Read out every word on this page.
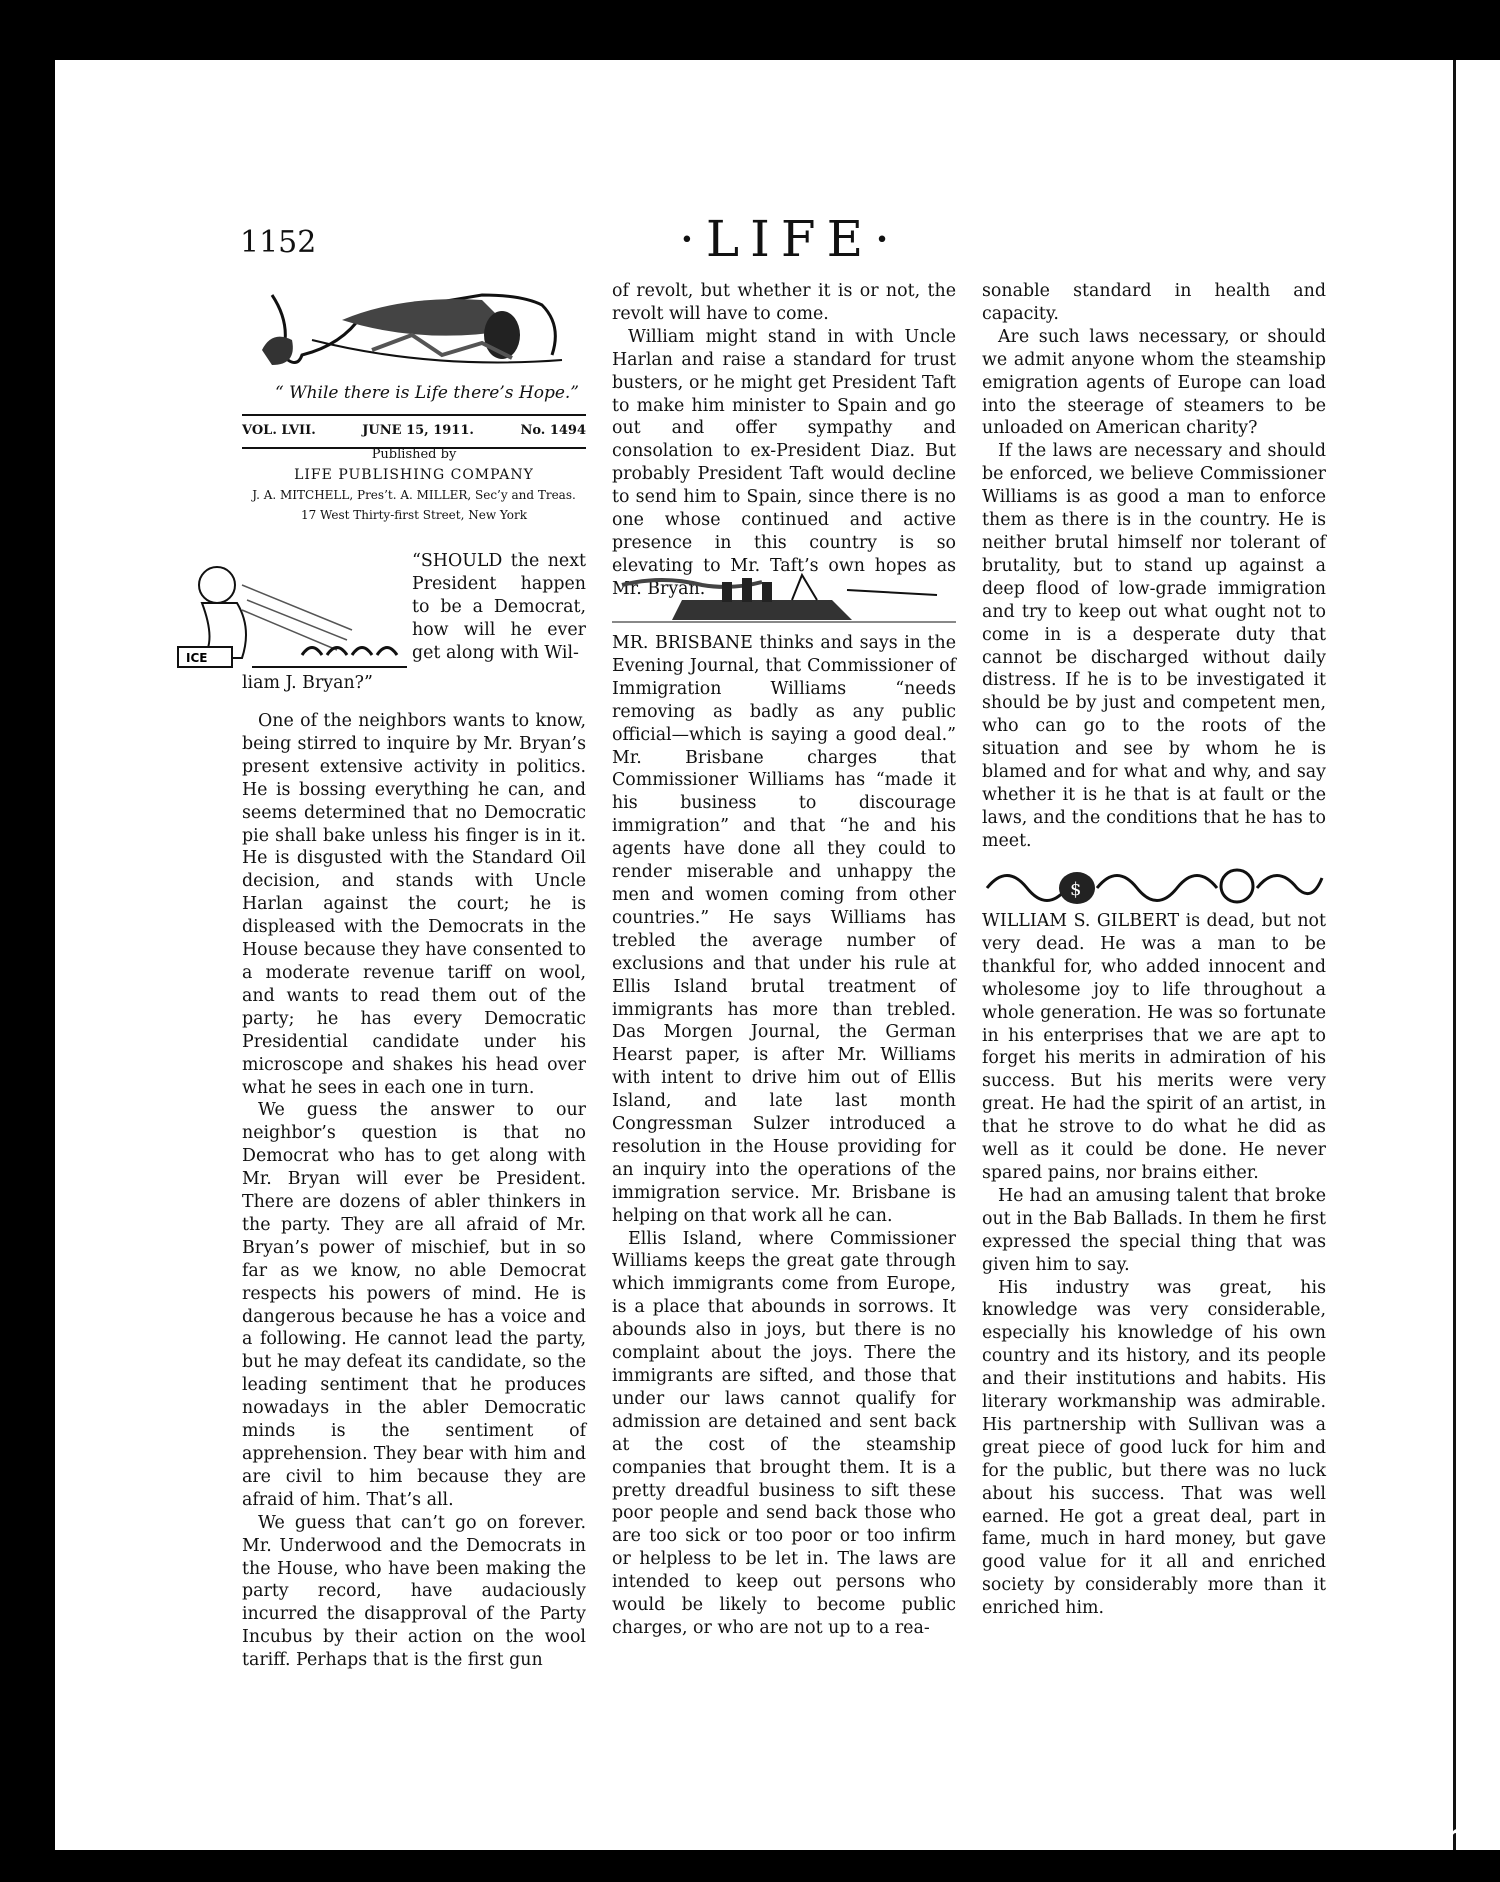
1152	·LIFE·
“ While there is Life there’s Hope.”
VOL. LVII.	JUNE 15, 1911.	No. 1494
Published by
LIFE PUBLISHING COMPANY
J. A. MITCHELL, Pres’t. A. MILLER, Sec’y and Treas.
17 West Thirty-first Street, New York
ICE

“SHOULD the next President happen to be a Democrat, how will he ever get along with Wil-

liam J. Bryan?”

One of the neighbors wants to know, being stirred to inquire by Mr. Bryan’s present extensive activity in politics. He is bossing everything he can, and seems determined that no Democratic pie shall bake unless his finger is in it. He is disgusted with the Standard Oil decision, and stands with Uncle Harlan against the court; he is displeased with the Democrats in the House because they have consented to a moderate revenue tariff on wool, and wants to read them out of the party; he has every Democratic Presidential candidate under his microscope and shakes his head over what he sees in each one in turn.

We guess the answer to our neighbor’s question is that no Democrat who has to get along with Mr. Bryan will ever be President. There are dozens of abler thinkers in the party. They are all afraid of Mr. Bryan’s power of mischief, but in so far as we know, no able Democrat respects his powers of mind. He is dangerous because he has a voice and a following. He cannot lead the party, but he may defeat its candidate, so the leading sentiment that he produces nowadays in the abler Democratic minds is the sentiment of apprehension. They bear with him and are civil to him because they are afraid of him. That’s all.

We guess that can’t go on forever. Mr. Underwood and the Democrats in the House, who have been making the party record, have audaciously incurred the disapproval of the Party Incubus by their action on the wool tariff. Perhaps that is the first gun

of revolt, but whether it is or not, the revolt will have to come.

William might stand in with Uncle Harlan and raise a standard for trust busters, or he might get President Taft to make him minister to Spain and go out and offer sympathy and consolation to ex-President Diaz. But probably President Taft would decline to send him to Spain, since there is no one whose continued and active presence in this country is so elevating to Mr. Taft’s own hopes as Mr. Bryan.

MR. BRISBANE thinks and says in the Evening Journal, that Commissioner of Immigration Williams “needs removing as badly as any public official—which is saying a good deal.” Mr. Brisbane charges that Commissioner Williams has “made it his business to discourage immigration” and that “he and his agents have done all they could to render miserable and unhappy the men and women coming from other countries.” He says Williams has trebled the average number of exclusions and that under his rule at Ellis Island brutal treatment of immigrants has more than trebled. Das Morgen Journal, the German Hearst paper, is after Mr. Williams with intent to drive him out of Ellis Island, and late last month Congressman Sulzer introduced a resolution in the House providing for an inquiry into the operations of the immigration service. Mr. Brisbane is helping on that work all he can.

Ellis Island, where Commissioner Williams keeps the great gate through which immigrants come from Europe, is a place that abounds in sorrows. It abounds also in joys, but there is no complaint about the joys. There the immigrants are sifted, and those that under our laws cannot qualify for admission are detained and sent back at the cost of the steamship companies that brought them. It is a pretty dreadful business to sift these poor people and send back those who are too sick or too poor or too infirm or helpless to be let in. The laws are intended to keep out persons who would be likely to become public charges, or who are not up to a rea-

sonable standard in health and capacity.

Are such laws necessary, or should we admit anyone whom the steamship emigration agents of Europe can load into the steerage of steamers to be unloaded on American charity?

If the laws are necessary and should be enforced, we believe Commissioner Williams is as good a man to enforce them as there is in the country. He is neither brutal himself nor tolerant of brutality, but to stand up against a deep flood of low-grade immigration and try to keep out what ought not to come in is a desperate duty that cannot be discharged without daily distress. If he is to be investigated it should be by just and competent men, who can go to the roots of the situation and see by whom he is blamed and for what and why, and say whether it is he that is at fault or the laws, and the conditions that he has to meet.

$

WILLIAM S. GILBERT is dead, but not very dead. He was a man to be thankful for, who added innocent and wholesome joy to life throughout a whole generation. He was so fortunate in his enterprises that we are apt to forget his merits in admiration of his success. But his merits were very great. He had the spirit of an artist, in that he strove to do what he did as well as it could be done. He never spared pains, nor brains either.

He had an amusing talent that broke out in the Bab Ballads. In them he first expressed the special thing that was given him to say.

His industry was great, his knowledge was very considerable, especially his knowledge of his own country and its history, and its people and their institutions and habits. His literary workmanship was admirable. His partnership with Sullivan was a great piece of good luck for him and for the public, but there was no luck about his success. That was well earned. He got a great deal, part in fame, much in hard money, but gave good value for it all and enriched society by considerably more than it enriched him.

comicbooks.com
